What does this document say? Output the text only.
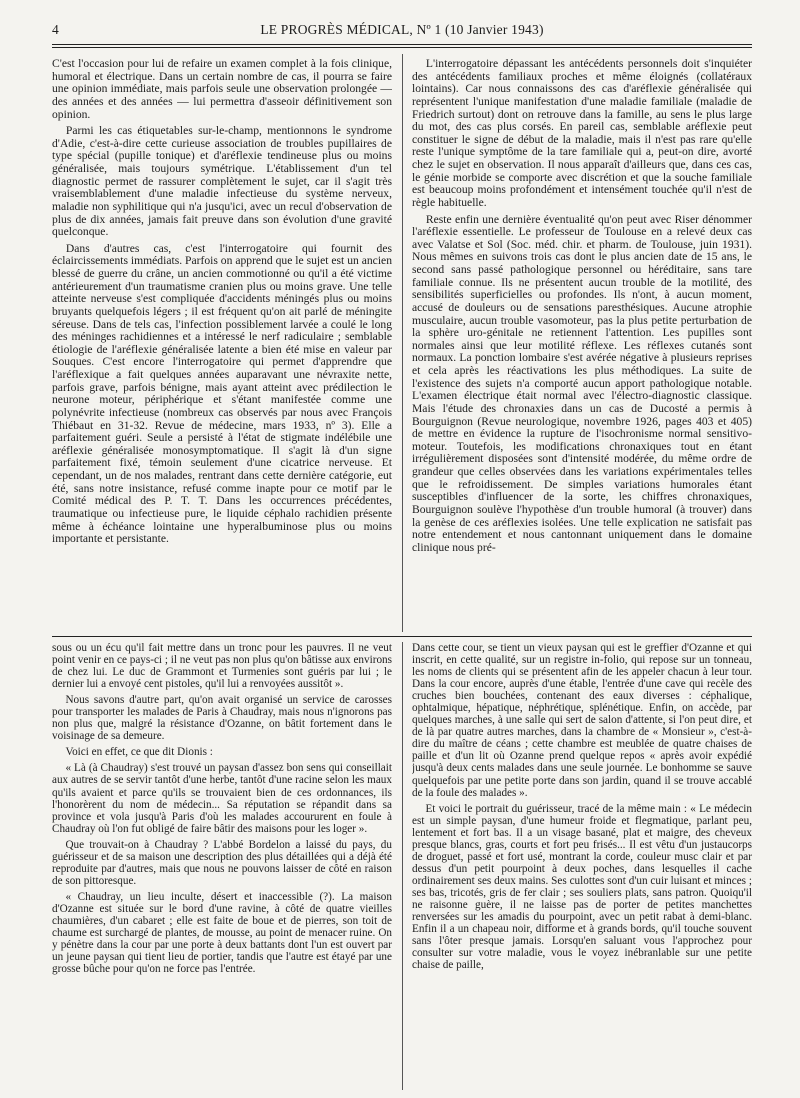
4	LE PROGRÈS MÉDICAL, Nº 1 (10 Janvier 1943)

C'est l'occasion pour lui de refaire un examen complet à la fois clinique, humoral et électrique. Dans un certain nombre de cas, il pourra se faire une opinion immédiate, mais parfois seule une observation prolongée — des années et des années — lui permettra d'asseoir définitivement son opinion.

Parmi les cas étiquetables sur-le-champ, mentionnons le syndrome d'Adie, c'est-à-dire cette curieuse association de troubles pupillaires de type spécial (pupille tonique) et d'aréflexie tendineuse plus ou moins généralisée, mais toujours symétrique. L'établissement d'un tel diagnostic permet de rassurer complètement le sujet, car il s'agit très vraisemblablement d'une maladie infectieuse du système nerveux, maladie non syphilitique qui n'a jusqu'ici, avec un recul d'observation de plus de dix années, jamais fait preuve dans son évolution d'une gravité quelconque.

Dans d'autres cas, c'est l'interrogatoire qui fournit des éclaircissements immédiats. Parfois on apprend que le sujet est un ancien blessé de guerre du crâne, un ancien commotionné ou qu'il a été victime antérieurement d'un traumatisme cranien plus ou moins grave. Une telle atteinte nerveuse s'est compliquée d'accidents méningés plus ou moins bruyants quelquefois légers ; il est fréquent qu'on ait parlé de méningite séreuse. Dans de tels cas, l'infection possiblement larvée a coulé le long des méninges rachidiennes et a intéressé le nerf radiculaire ; semblable étiologie de l'aréflexie généralisée latente a bien été mise en valeur par Souques. C'est encore l'interrogatoire qui permet d'apprendre que l'aréflexique a fait quelques années auparavant une névraxite nette, parfois grave, parfois bénigne, mais ayant atteint avec prédilection le neurone moteur, périphérique et s'étant manifestée comme une polynévrite infectieuse (nombreux cas observés par nous avec François Thiébaut en 31-32. Revue de médecine, mars 1933, nº 3). Elle a parfaitement guéri. Seule a persisté à l'état de stigmate indélébile une aréflexie généralisée monosymptomatique. Il s'agit là d'un signe parfaitement fixé, témoin seulement d'une cicatrice nerveuse. Et cependant, un de nos malades, rentrant dans cette dernière catégorie, eut été, sans notre insistance, refusé comme inapte pour ce motif par le Comité médical des P. T. T. Dans les occurrences précédentes, traumatique ou infectieuse pure, le liquide céphalo rachidien présente même à échéance lointaine une hyperalbuminose plus ou moins importante et persistante.

L'interrogatoire dépassant les antécédents personnels doit s'inquiéter des antécédents familiaux proches et même éloignés (collatéraux lointains). Car nous connaissons des cas d'aréflexie généralisée qui représentent l'unique manifestation d'une maladie familiale (maladie de Friedrich surtout) dont on retrouve dans la famille, au sens le plus large du mot, des cas plus corsés. En pareil cas, semblable aréflexie peut constituer le signe de début de la maladie, mais il n'est pas rare qu'elle reste l'unique symptôme de la tare familiale qui a, peut-on dire, avorté chez le sujet en observation. Il nous apparaît d'ailleurs que, dans ces cas, le génie morbide se comporte avec discrétion et que la souche familiale est beaucoup moins profondément et intensément touchée qu'il n'est de règle habituelle.

Reste enfin une dernière éventualité qu'on peut avec Riser dénommer l'aréflexie essentielle. Le professeur de Toulouse en a relevé deux cas avec Valatse et Sol (Soc. méd. chir. et pharm. de Toulouse, juin 1931). Nous mêmes en suivons trois cas dont le plus ancien date de 15 ans, le second sans passé pathologique personnel ou héréditaire, sans tare familiale connue. Ils ne présentent aucun trouble de la motilité, des sensibilités superficielles ou profondes. Ils n'ont, à aucun moment, accusé de douleurs ou de sensations paresthésiques. Aucune atrophie musculaire, aucun trouble vasomoteur, pas la plus petite perturbation de la sphère uro-génitale ne retiennent l'attention. Les pupilles sont normales ainsi que leur motilité réflexe. Les réflexes cutanés sont normaux. La ponction lombaire s'est avérée négative à plusieurs reprises et cela après les réactivations les plus méthodiques. La suite de l'existence des sujets n'a comporté aucun apport pathologique notable. L'examen électrique était normal avec l'électro-diagnostic classique. Mais l'étude des chronaxies dans un cas de Ducosté a permis à Bourguignon (Revue neurologique, novembre 1926, pages 403 et 405) de mettre en évidence la rupture de l'isochronisme normal sensitivo-moteur. Toutefois, les modifications chronaxiques tout en étant irrégulièrement disposées sont d'intensité modérée, du même ordre de grandeur que celles observées dans les variations expérimentales telles que le refroidissement. De simples variations humorales étant susceptibles d'influencer de la sorte, les chiffres chronaxiques, Bourguignon soulève l'hypothèse d'un trouble humoral (à trouver) dans la genèse de ces aréflexies isolées. Une telle explication ne satisfait pas notre entendement et nous cantonnant uniquement dans le domaine clinique nous pré-

sous ou un écu qu'il fait mettre dans un tronc pour les pauvres. Il ne veut point venir en ce pays-ci ; il ne veut pas non plus qu'on bâtisse aux environs de chez lui. Le duc de Grammont et Turmenies sont guéris par lui ; le dernier lui a envoyé cent pistoles, qu'il lui a renvoyées aussitôt ».

Nous savons d'autre part, qu'on avait organisé un service de carosses pour transporter les malades de Paris à Chaudray, mais nous n'ignorons pas non plus que, malgré la résistance d'Ozanne, on bâtit fortement dans le voisinage de sa demeure.

Voici en effet, ce que dit Dionis :

« Là (à Chaudray) s'est trouvé un paysan d'assez bon sens qui conseillait aux autres de se servir tantôt d'une herbe, tantôt d'une racine selon les maux qu'ils avaient et parce qu'ils se trouvaient bien de ces ordonnances, ils l'honorèrent du nom de médecin... Sa réputation se répandit dans sa province et vola jusqu'à Paris d'où les malades accoururent en foule à Chaudray où l'on fut obligé de faire bâtir des maisons pour les loger ».

Que trouvait-on à Chaudray ? L'abbé Bordelon a laissé du pays, du guérisseur et de sa maison une description des plus détaillées qui a déjà été reproduite par d'autres, mais que nous ne pouvons laisser de côté en raison de son pittoresque.

« Chaudray, un lieu inculte, désert et inaccessible (?). La maison d'Ozanne est située sur le bord d'une ravine, à côté de quatre vieilles chaumières, d'un cabaret ; elle est faite de boue et de pierres, son toit de chaume est surchargé de plantes, de mousse, au point de menacer ruine. On y pénètre dans la cour par une porte à deux battants dont l'un est ouvert par un jeune paysan qui tient lieu de portier, tandis que l'autre est étayé par une grosse bûche pour qu'on ne force pas l'entrée.

Dans cette cour, se tient un vieux paysan qui est le greffier d'Ozanne et qui inscrit, en cette qualité, sur un registre in-folio, qui repose sur un tonneau, les noms de clients qui se présentent afin de les appeler chacun à leur tour. Dans la cour encore, auprès d'une étable, l'entrée d'une cave qui recèle des cruches bien bouchées, contenant des eaux diverses : céphalique, ophtalmique, hépatique, néphrétique, splénétique. Enfin, on accède, par quelques marches, à une salle qui sert de salon d'attente, si l'on peut dire, et de là par quatre autres marches, dans la chambre de « Monsieur », c'est-à-dire du maître de céans ; cette chambre est meublée de quatre chaises de paille et d'un lit où Ozanne prend quelque repos « après avoir expédié jusqu'à deux cents malades dans une seule journée. Le bonhomme se sauve quelquefois par une petite porte dans son jardin, quand il se trouve accablé de la foule des malades ».

Et voici le portrait du guérisseur, tracé de la même main : « Le médecin est un simple paysan, d'une humeur froide et flegmatique, parlant peu, lentement et fort bas. Il a un visage basané, plat et maigre, des cheveux presque blancs, gras, courts et fort peu frisés... Il est vêtu d'un justaucorps de droguet, passé et fort usé, montrant la corde, couleur musc clair et par dessus d'un petit pourpoint à deux poches, dans lesquelles il cache ordinairement ses deux mains. Ses culottes sont d'un cuir luisant et minces ; ses bas, tricotés, gris de fer clair ; ses souliers plats, sans patron. Quoiqu'il ne raisonne guère, il ne laisse pas de porter de petites manchettes renversées sur les amadis du pourpoint, avec un petit rabat à demi-blanc. Enfin il a un chapeau noir, difforme et à grands bords, qu'il touche souvent sans l'ôter presque jamais. Lorsqu'en saluant vous l'approchez pour consulter sur votre maladie, vous le voyez inébranlable sur une petite chaise de paille,
